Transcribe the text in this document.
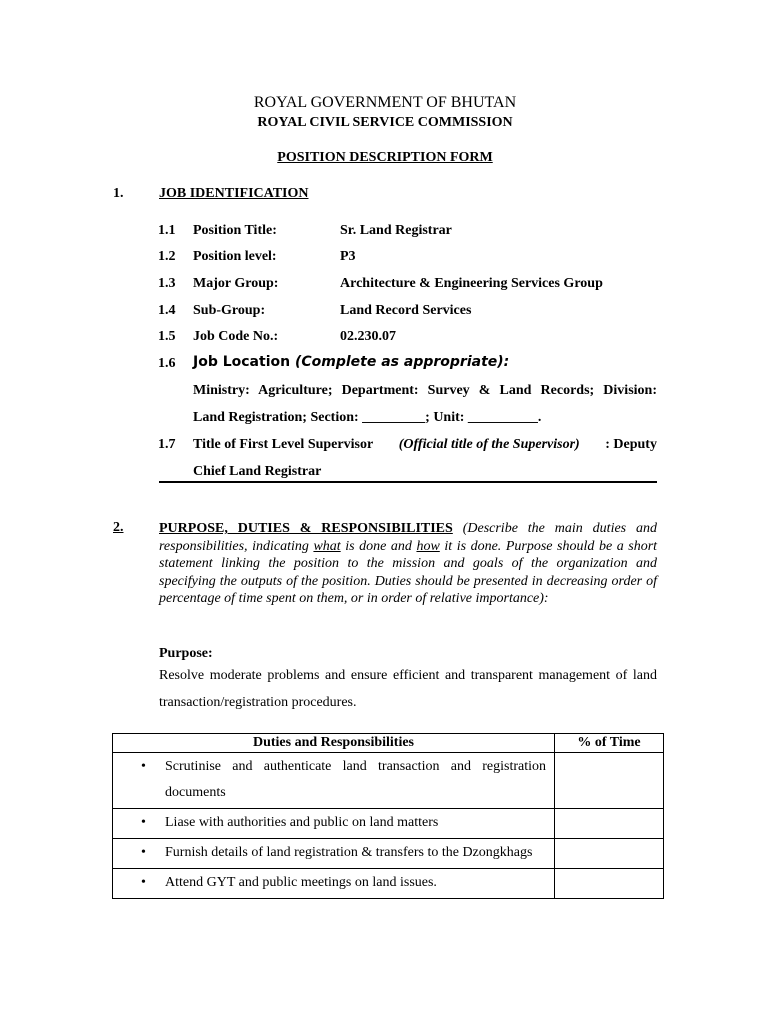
ROYAL GOVERNMENT OF BHUTAN
ROYAL CIVIL SERVICE COMMISSION
POSITION DESCRIPTION FORM
1.	JOB IDENTIFICATION
1.1 Position Title:	Sr. Land Registrar
1.2 Position level:	P3
1.3 Major Group:	Architecture & Engineering Services Group
1.4 Sub-Group:	Land Record Services
1.5 Job Code No.:	02.230.07
1.6 Job Location (Complete as appropriate):
Ministry: Agriculture; Department: Survey & Land Records; Division:
Land Registration; Section: _________; Unit: __________.
1.7 Title of First Level Supervisor (Official title of the Supervisor) : Deputy
Chief Land Registrar
2.	PURPOSE, DUTIES & RESPONSIBILITIES (Describe the main duties and responsibilities, indicating what is done and how it is done. Purpose should be a short statement linking the position to the mission and goals of the organization and specifying the outputs of the position. Duties should be presented in decreasing order of percentage of time spent on them, or in order of relative importance):
Purpose:
Resolve moderate problems and ensure efficient and transparent management of land transaction/registration procedures.
Duties and Responsibilities	% of Time

• Scrutinise and authenticate land transaction and registration documents	

• Liase with authorities and public on land matters	

• Furnish details of land registration & transfers to the Dzongkhags	

• Attend GYT and public meetings on land issues.	
